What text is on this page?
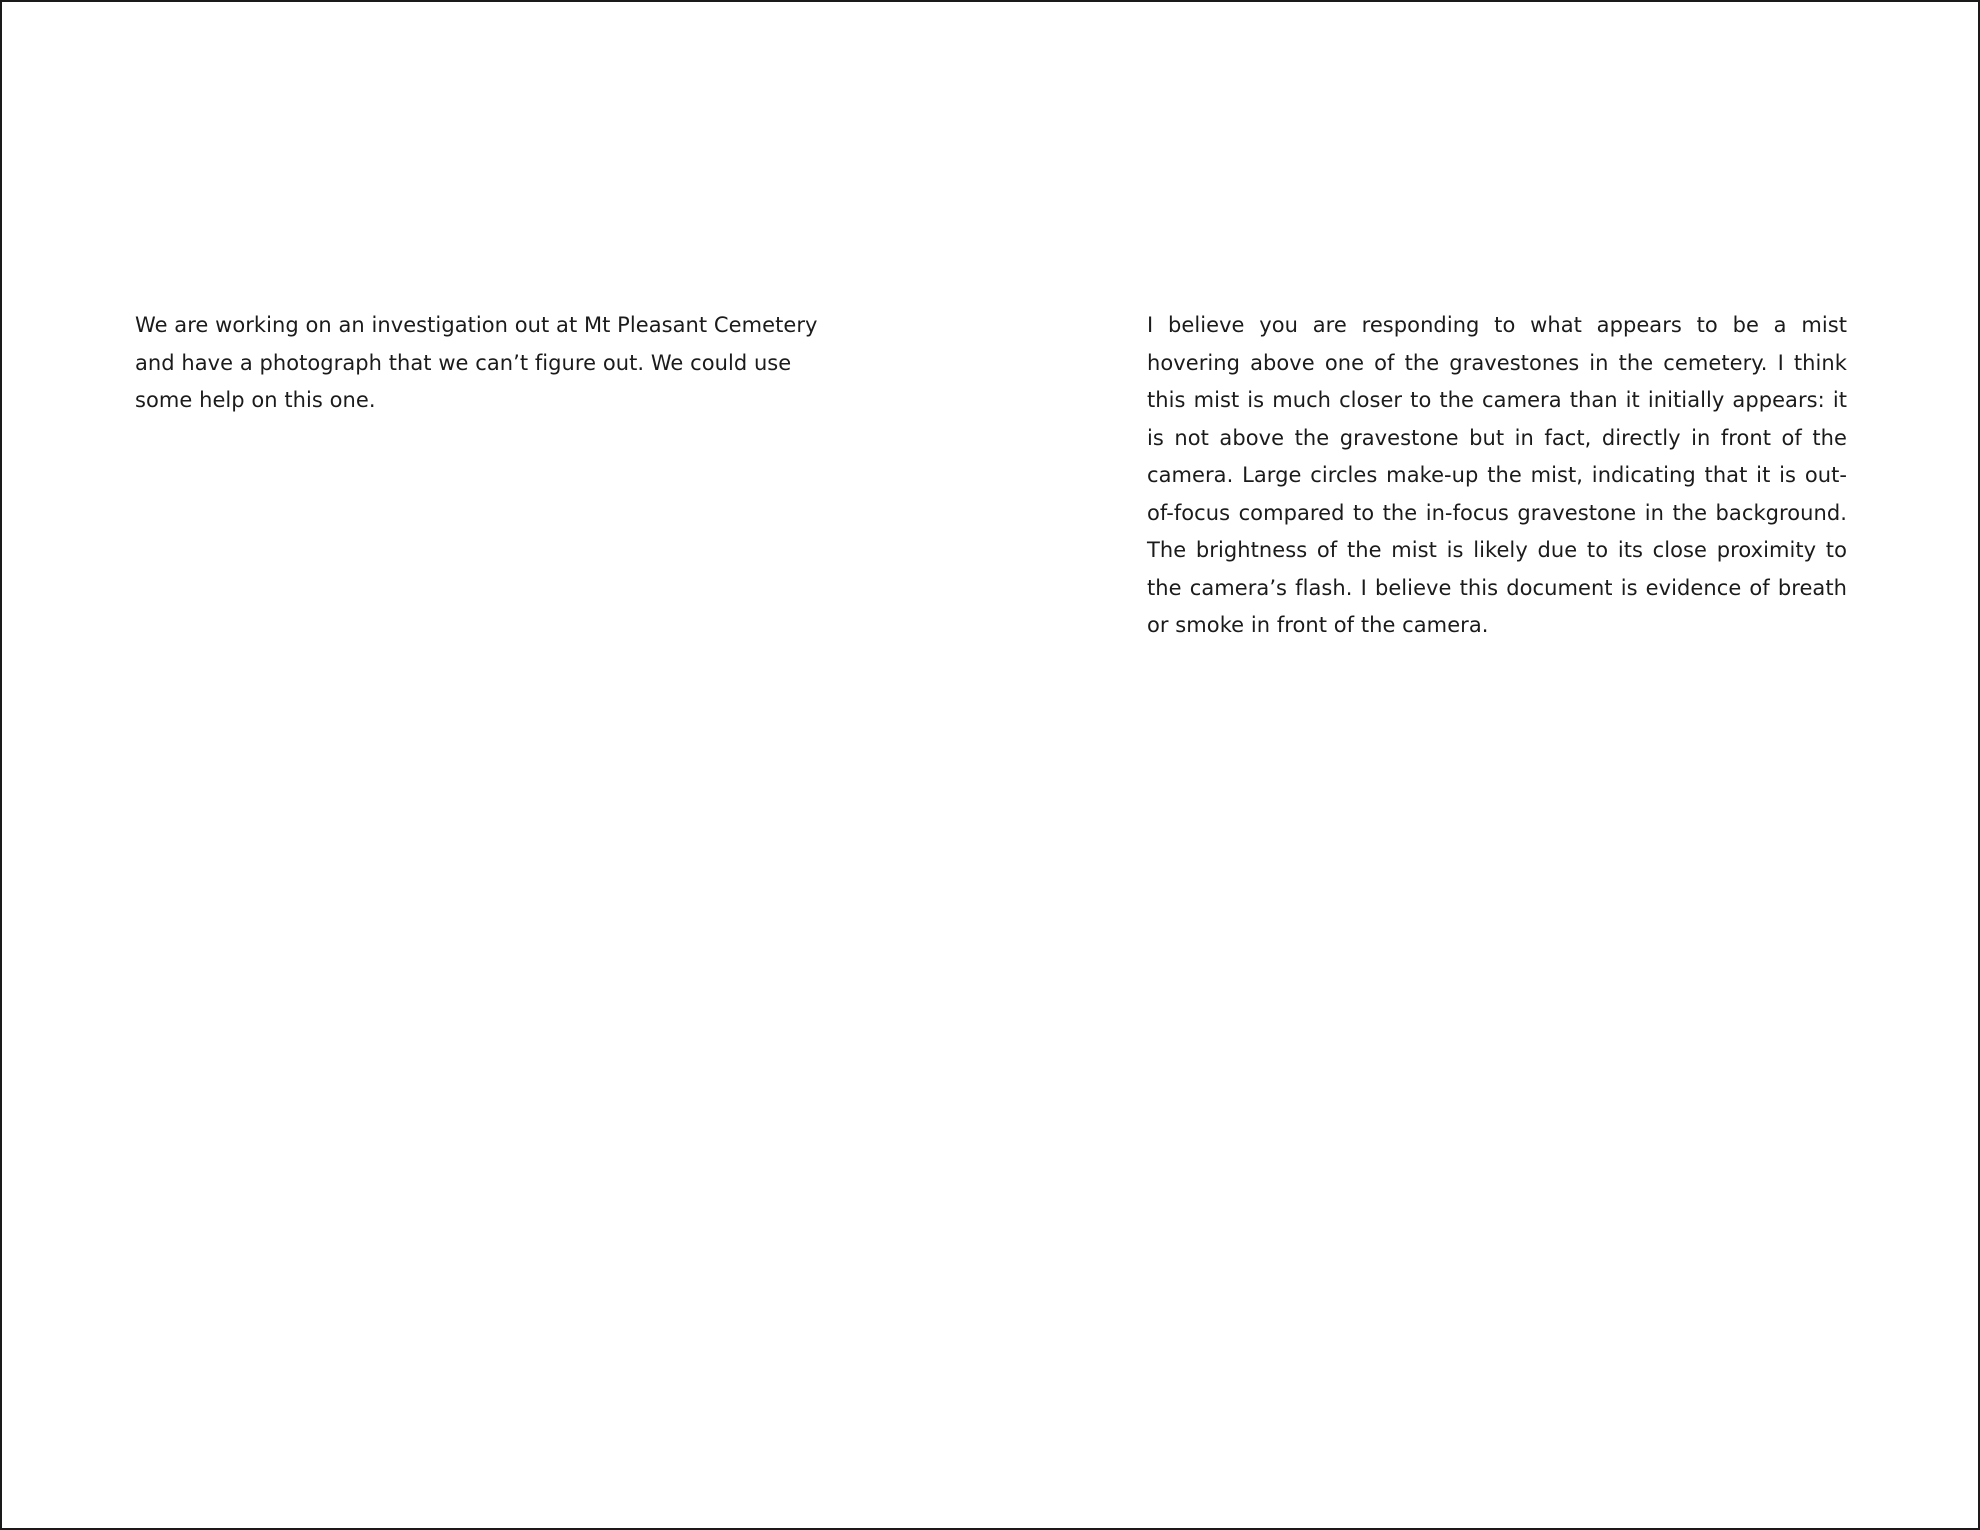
We are working on an investigation out at Mt Pleasant Cemetery and have a photograph that we can’t figure out. We could use some help on this one.

I believe you are responding to what appears to be a mist hovering above one of the gravestones in the cemetery. I think this mist is much closer to the camera than it initially appears: it is not above the gravestone but in fact, directly in front of the camera. Large circles make-up the mist, indicating that it is out-of-focus compared to the in-focus gravestone in the background. The brightness of the mist is likely due to its close proximity to the camera’s flash. I believe this document is evidence of breath or smoke in front of the camera.
